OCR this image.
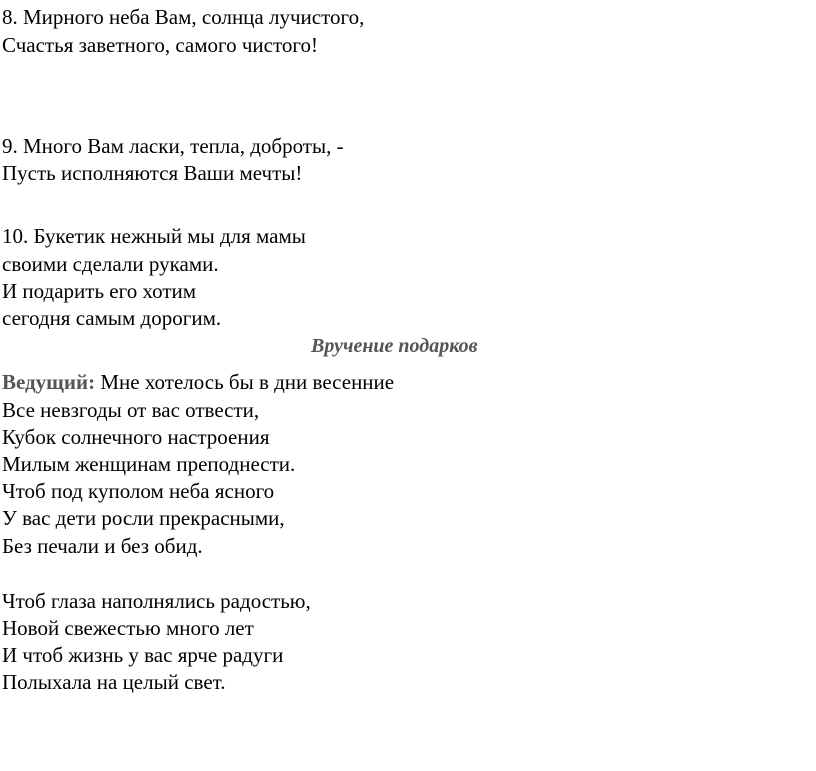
8. Мирного неба Вам, солнца лучистого,
Счастья заветного, самого чистого!
9. Много Вам ласки, тепла, доброты, -
Пусть исполняются Ваши мечты!
10. Букетик нежный мы для мамы
своими сделали руками.
И подарить его хотим
сегодня самым дорогим.
Вручение подарков
Ведущий: Мне хотелось бы в дни весенние
Все невзгоды от вас отвести,
Кубок солнечного настроения
Милым женщинам преподнести.
Чтоб под куполом неба ясного
У вас дети росли прекрасными,
Без печали и без обид.
Чтоб глаза наполнялись радостью,
Новой свежестью много лет
И чтоб жизнь у вас ярче радуги
Полыхала на целый свет.
